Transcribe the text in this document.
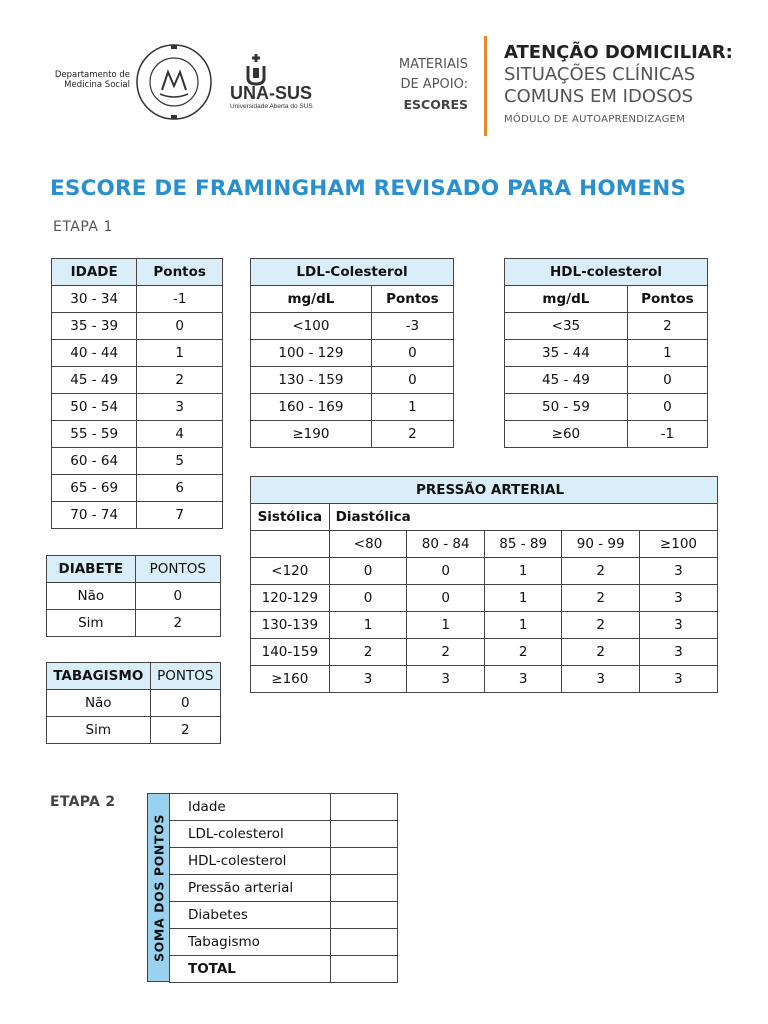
Departamento de
Medicina Social	UNA-SUS
Universidade Aberta do SUS
MATERIAIS
DE APOIO:
ESCORES
ATENÇÃO DOMICILIAR:
SITUAÇÕES CLÍNICAS
COMUNS EM IDOSOS
MÓDULO DE AUTOAPRENDIZAGEM
ESCORE DE FRAMINGHAM REVISADO PARA HOMENS
ETAPA 1
IDADE	Pontos
30 - 34	-1
35 - 39	0
40 - 44	1
45 - 49	2
50 - 54	3
55 - 59	4
60 - 64	5
65 - 69	6
70 - 74	7
LDL-Colesterol	
mg/dL	Pontos
<100	-3
100 - 129	0
130 - 159	0
160 - 169	1
≥190	2
HDL-colesterol	
mg/dL	Pontos
<35	2
35 - 44	1
45 - 49	0
50 - 59	0
≥60	-1
DIABETE	PONTOS
Não	0
Sim	2
TABAGISMO	PONTOS
Não	0
Sim	2
PRESSÃO ARTERIAL					
Sistólica	Diastólica				
	<80	80 - 84	85 - 89	90 - 99	≥100
<120	0	0	1	2	3
120-129	0	0	1	2	3
130-139	1	1	1	2	3
140-159	2	2	2	2	3
≥160	3	3	3	3	3
ETAPA 2
SOMA DOS PONTOS
Idade	
LDL-colesterol	
HDL-colesterol	
Pressão arterial	
Diabetes	
Tabagismo	
TOTAL	
